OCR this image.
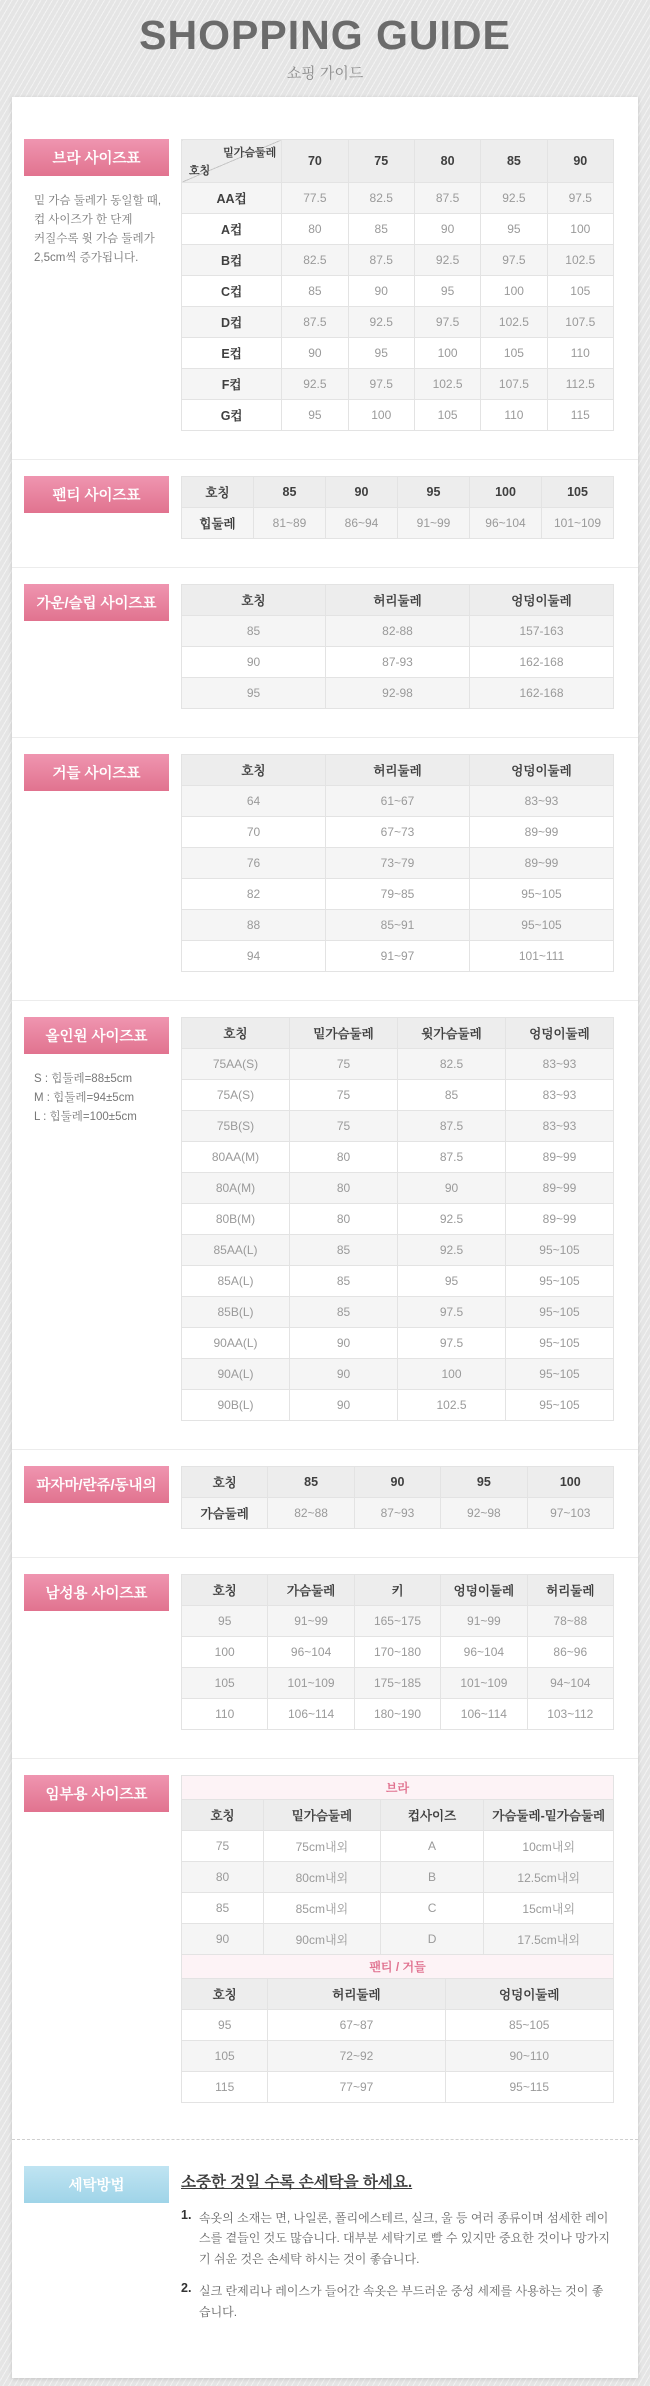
SHOPPING GUIDE
쇼핑 가이드
브라 사이즈표
밑 가슴 둘레가 동일할 때,
컵 사이즈가 한 단계
커질수록 윗 가슴 둘레가
2,5cm씩 증가됩니다.
밑가슴둘레
호칭	70	75	80	85	90
AA컵	77.5	82.5	87.5	92.5	97.5
A컵	80	85	90	95	100
B컵	82.5	87.5	92.5	97.5	102.5
C컵	85	90	95	100	105
D컵	87.5	92.5	97.5	102.5	107.5
E컵	90	95	100	105	110
F컵	92.5	97.5	102.5	107.5	112.5
G컵	95	100	105	110	115
팬티 사이즈표	호칭	85	90	95	100	105
힙둘레	81~89	86~94	91~99	96~104	101~109
가운/슬립 사이즈표	호칭	허리둘레	엉덩이둘레
85	82-88	157-163
90	87-93	162-168
95	92-98	162-168
거들 사이즈표	호칭	허리둘레	엉덩이둘레
64	61~67	83~93
70	67~73	89~99
76	73~79	89~99
82	79~85	95~105
88	85~91	95~105
94	91~97	101~111
올인원 사이즈표
S : 힙둘레=88±5cm
M : 힙둘레=94±5cm
L : 힙둘레=100±5cm
호칭	밑가슴둘레	윗가슴둘레	엉덩이둘레
75AA(S)	75	82.5	83~93
75A(S)	75	85	83~93
75B(S)	75	87.5	83~93
80AA(M)	80	87.5	89~99
80A(M)	80	90	89~99
80B(M)	80	92.5	89~99
85AA(L)	85	92.5	95~105
85A(L)	85	95	95~105
85B(L)	85	97.5	95~105
90AA(L)	90	97.5	95~105
90A(L)	90	100	95~105
90B(L)	90	102.5	95~105
파자마/란쥬/동내의	호칭	85	90	95	100
가슴둘레	82~88	87~93	92~98	97~103
남성용 사이즈표	호칭	가슴둘레	키	엉덩이둘레	허리둘레
95	91~99	165~175	91~99	78~88
100	96~104	170~180	96~104	86~96
105	101~109	175~185	101~109	94~104
110	106~114	180~190	106~114	103~112
임부용 사이즈표	브라			
호칭	밑가슴둘레	컵사이즈	가슴둘레-밑가슴둘레
75	75cm내외	A	10cm내외
80	80cm내외	B	12.5cm내외
85	85cm내외	C	15cm내외
90	90cm내외	D	17.5cm내외
팬티 / 거들		
호칭	허리둘레	엉덩이둘레
95	67~87	85~105
105	72~92	90~110
115	77~97	95~115
세탁방법	소중한 것일 수록 손세탁을 하세요.

1. 속옷의 소재는 면, 나일론, 폴리에스테르, 실크, 울 등 여러 종류이며 섬세한 레이스를 곁들인 것도 많습니다. 대부분 세탁기로 빨 수 있지만 중요한 것이나 망가지기 쉬운 것은 손세탁 하시는 것이 좋습니다.
2. 실크 란제리나 레이스가 들어간 속옷은 부드러운 중성 세제를 사용하는 것이 좋습니다.
